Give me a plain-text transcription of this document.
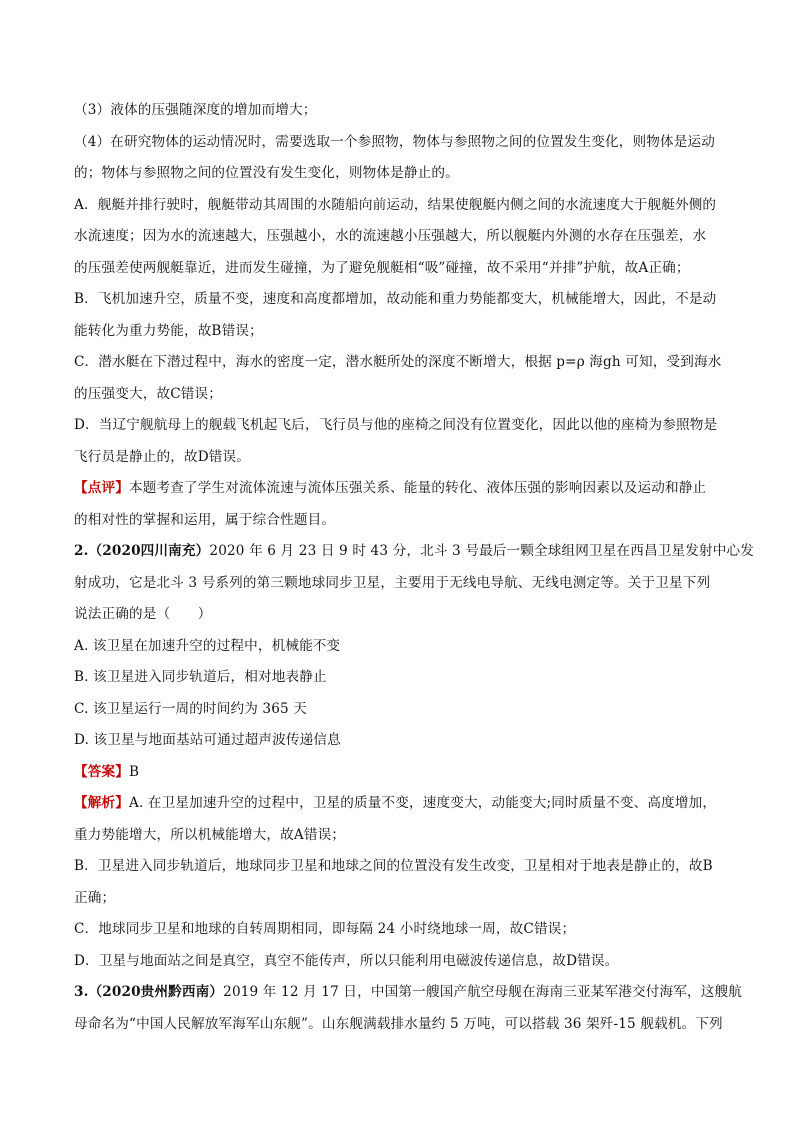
（3）液体的压强随深度的增加而增大；
（4）在研究物体的运动情况时，需要选取一个参照物，物体与参照物之间的位置发生变化，则物体是运动
的；物体与参照物之间的位置没有发生变化，则物体是静止的。
A．舰艇并排行驶时，舰艇带动其周围的水随船向前运动，结果使舰艇内侧之间的水流速度大于舰艇外侧的
水流速度；因为水的流速越大，压强越小，水的流速越小压强越大，所以舰艇内外测的水存在压强差，水
的压强差使两舰艇靠近，进而发生碰撞，为了避免舰艇相“吸”碰撞，故不采用“并排”护航，故A正确；
B．飞机加速升空，质量不变，速度和高度都增加，故动能和重力势能都变大，机械能增大，因此，不是动
能转化为重力势能，故B错误；
C．潜水艇在下潜过程中，海水的密度一定，潜水艇所处的深度不断增大，根据 p=ρ 海gh 可知，受到海水
的压强变大，故C错误；
D．当辽宁舰航母上的舰载飞机起飞后，飞行员与他的座椅之间没有位置变化，因此以他的座椅为参照物是
飞行员是静止的，故D错误。
【点评】本题考查了学生对流体流速与流体压强关系、能量的转化、液体压强的影响因素以及运动和静止
的相对性的掌握和运用，属于综合性题目。
2.（2020四川南充）2020 年 6 月 23 日 9 时 43 分，北斗 3 号最后一颗全球组网卫星在西昌卫星发射中心发
射成功，它是北斗 3 号系列的第三颗地球同步卫星，主要用于无线电导航、无线电测定等。关于卫星下列
说法正确的是（　　）
A. 该卫星在加速升空的过程中，机械能不变
B. 该卫星进入同步轨道后，相对地表静止
C. 该卫星运行一周的时间约为 365 天
D. 该卫星与地面基站可通过超声波传递信息
【答案】B
【解析】A. 在卫星加速升空的过程中，卫星的质量不变，速度变大，动能变大;同时质量不变、高度增加，
重力势能增大，所以机械能增大，故A错误；
B．卫星进入同步轨道后，地球同步卫星和地球之间的位置没有发生改变，卫星相对于地表是静止的，故B
正确；
C．地球同步卫星和地球的自转周期相同，即每隔 24 小时绕地球一周，故C错误；
D．卫星与地面站之间是真空，真空不能传声，所以只能利用电磁波传递信息，故D错误。
3.（2020贵州黔西南）2019 年 12 月 17 日，中国第一艘国产航空母舰在海南三亚某军港交付海军，这艘航
母命名为“中国人民解放军海军山东舰”。山东舰满载排水量约 5 万吨，可以搭载 36 架歼-15 舰载机。下列
